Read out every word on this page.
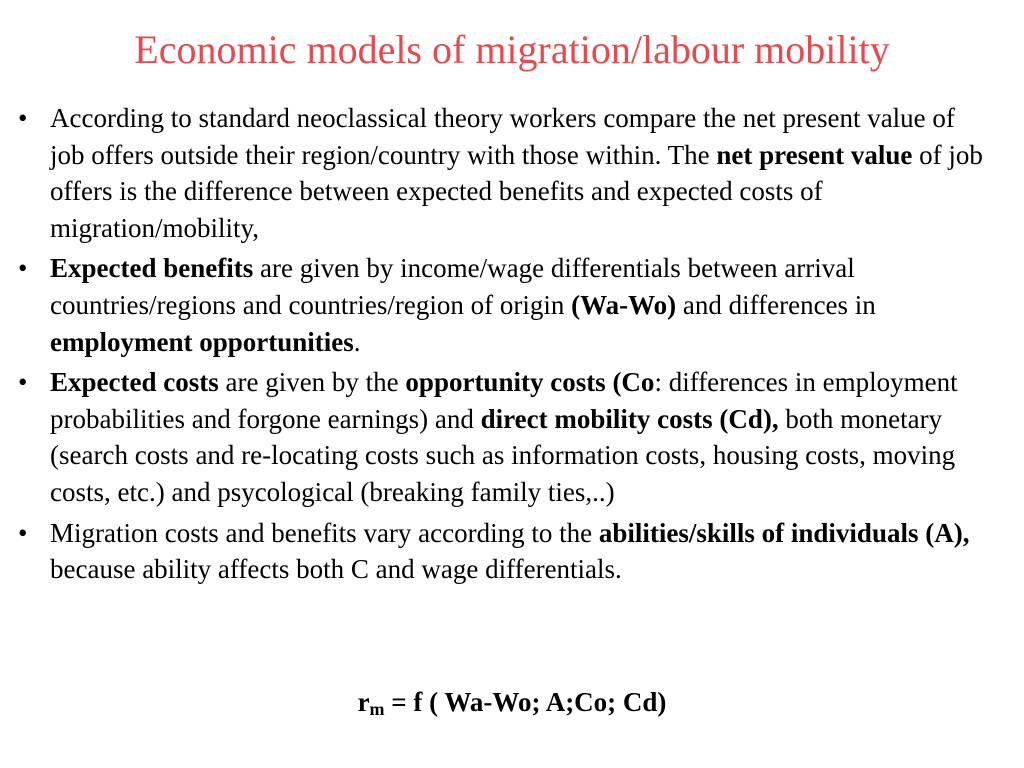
Economic models of migration/labour mobility
• According to standard neoclassical theory workers compare the net present value of job offers outside their region/country with those within. The net present value of job offers is the difference between expected benefits and expected costs of migration/mobility,
• Expected benefits are given by income/wage differentials between arrival countries/regions and countries/region of origin (Wa-Wo) and differences in employment opportunities.
• Expected costs are given by the opportunity costs (Co: differences in employment probabilities and forgone earnings) and direct mobility costs (Cd), both monetary (search costs and re-locating costs such as information costs, housing costs, moving costs, etc.) and psycological (breaking family ties,..)
• Migration costs and benefits vary according to the abilities/skills of individuals (A), because ability affects both C and wage differentials.
$r_m = f$ ( Wa-Wo; A;Co; Cd)
